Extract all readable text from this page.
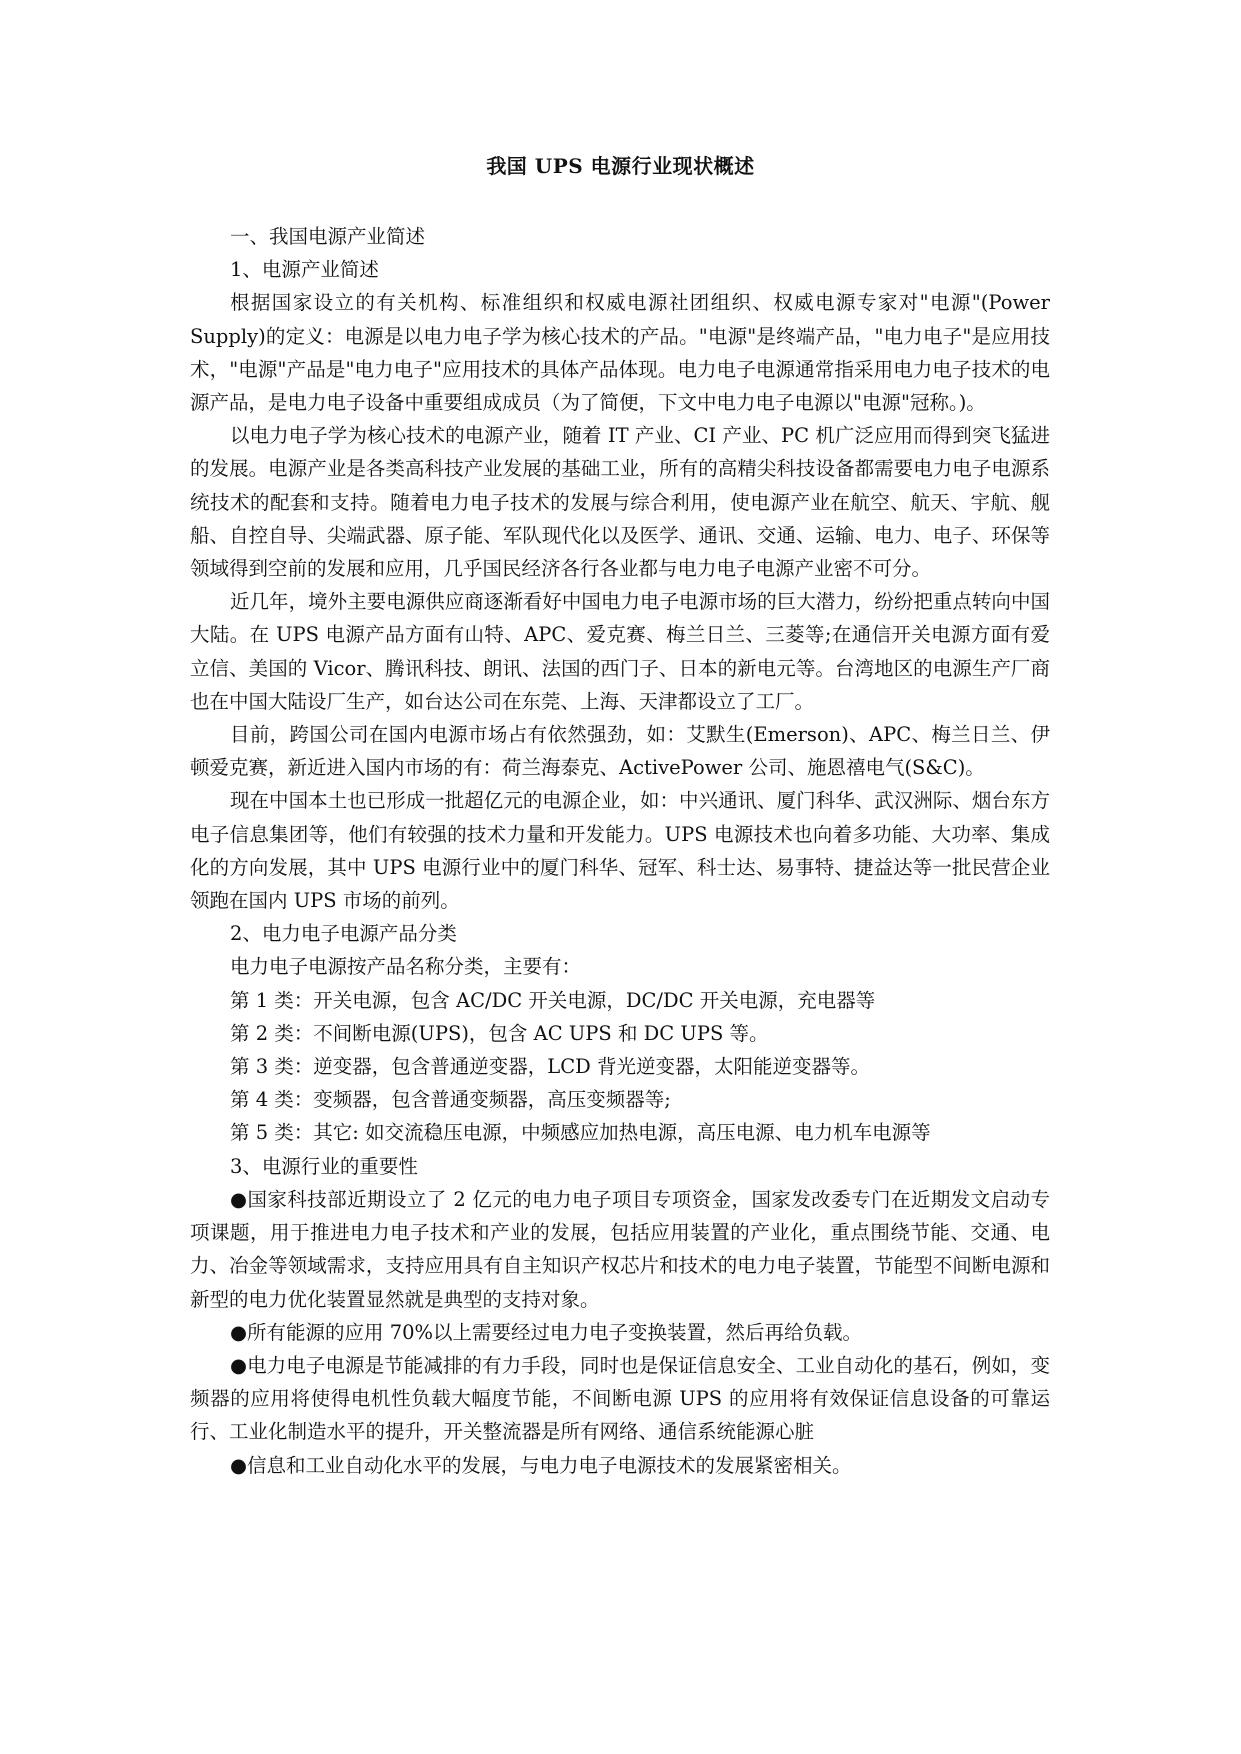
我国 UPS 电源行业现状概述

一、我国电源产业简述

1、电源产业简述

根据国家设立的有关机构、标准组织和权威电源社团组织、权威电源专家对"电源"(Power Supply)的定义：电源是以电力电子学为核心技术的产品。"电源"是终端产品，"电力电子"是应用技术，"电源"产品是"电力电子"应用技术的具体产品体现。电力电子电源通常指采用电力电子技术的电源产品，是电力电子设备中重要组成成员（为了简便，下文中电力电子电源以"电源"冠称。)。

以电力电子学为核心技术的电源产业，随着 IT 产业、CI 产业、PC 机广泛应用而得到突飞猛进的发展。电源产业是各类高科技产业发展的基础工业，所有的高精尖科技设备都需要电力电子电源系统技术的配套和支持。随着电力电子技术的发展与综合利用，使电源产业在航空、航天、宇航、舰船、自控自导、尖端武器、原子能、军队现代化以及医学、通讯、交通、运输、电力、电子、环保等领域得到空前的发展和应用，几乎国民经济各行各业都与电力电子电源产业密不可分。

近几年，境外主要电源供应商逐渐看好中国电力电子电源市场的巨大潜力，纷纷把重点转向中国大陆。在 UPS 电源产品方面有山特、APC、爱克赛、梅兰日兰、三菱等;在通信开关电源方面有爱立信、美国的 Vicor、腾讯科技、朗讯、法国的西门子、日本的新电元等。台湾地区的电源生产厂商也在中国大陆设厂生产，如台达公司在东莞、上海、天津都设立了工厂。

目前，跨国公司在国内电源市场占有依然强劲，如：艾默生(Emerson)、APC、梅兰日兰、伊顿爱克赛，新近进入国内市场的有：荷兰海泰克、ActivePower 公司、施恩禧电气(S&C)。

现在中国本土也已形成一批超亿元的电源企业，如：中兴通讯、厦门科华、武汉洲际、烟台东方电子信息集团等，他们有较强的技术力量和开发能力。UPS 电源技术也向着多功能、大功率、集成化的方向发展，其中 UPS 电源行业中的厦门科华、冠军、科士达、易事特、捷益达等一批民营企业领跑在国内 UPS 市场的前列。

2、电力电子电源产品分类

电力电子电源按产品名称分类，主要有：

第 1 类：开关电源，包含 AC/DC 开关电源，DC/DC 开关电源，充电器等

第 2 类：不间断电源(UPS)，包含 AC UPS 和 DC UPS 等。

第 3 类：逆变器，包含普通逆变器，LCD 背光逆变器，太阳能逆变器等。

第 4 类：变频器，包含普通变频器，高压变频器等;

第 5 类：其它: 如交流稳压电源，中频感应加热电源，高压电源、电力机车电源等

3、电源行业的重要性

●国家科技部近期设立了 2 亿元的电力电子项目专项资金，国家发改委专门在近期发文启动专项课题，用于推进电力电子技术和产业的发展，包括应用装置的产业化，重点围绕节能、交通、电力、冶金等领域需求，支持应用具有自主知识产权芯片和技术的电力电子装置，节能型不间断电源和新型的电力优化装置显然就是典型的支持对象。

●所有能源的应用 70%以上需要经过电力电子变换装置，然后再给负载。

●电力电子电源是节能减排的有力手段，同时也是保证信息安全、工业自动化的基石，例如，变频器的应用将使得电机性负载大幅度节能，不间断电源 UPS 的应用将有效保证信息设备的可靠运行、工业化制造水平的提升，开关整流器是所有网络、通信系统能源心脏

●信息和工业自动化水平的发展，与电力电子电源技术的发展紧密相关。
